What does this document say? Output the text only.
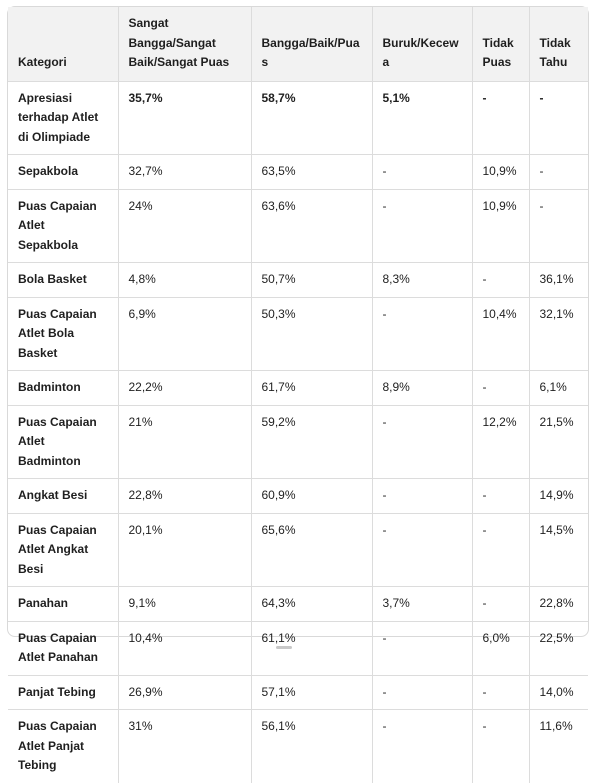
Kategori	Sangat Bangga/Sangat Baik/Sangat Puas	Bangga/Baik/Puas	Buruk/Kecewa	Tidak Puas	Tidak Tahu
Apresiasi terhadap Atlet di Olimpiade	35,7%	58,7%	5,1%	-	-
Sepakbola	32,7%	63,5%	-	10,9%	-
Puas Capaian Atlet Sepakbola	24%	63,6%	-	10,9%	-
Bola Basket	4,8%	50,7%	8,3%	-	36,1%
Puas Capaian Atlet Bola Basket	6,9%	50,3%	-	10,4%	32,1%
Badminton	22,2%	61,7%	8,9%	-	6,1%
Puas Capaian Atlet Badminton	21%	59,2%	-	12,2%	21,5%
Angkat Besi	22,8%	60,9%	-	-	14,9%
Puas Capaian Atlet Angkat Besi	20,1%	65,6%	-	-	14,5%
Panahan	9,1%	64,3%	3,7%	-	22,8%
Puas Capaian Atlet Panahan	10,4%	61,1%	-	6,0%	22,5%
Panjat Tebing	26,9%	57,1%	-	-	14,0%
Puas Capaian Atlet Panjat Tebing	31%	56,1%	-	-	11,6%
